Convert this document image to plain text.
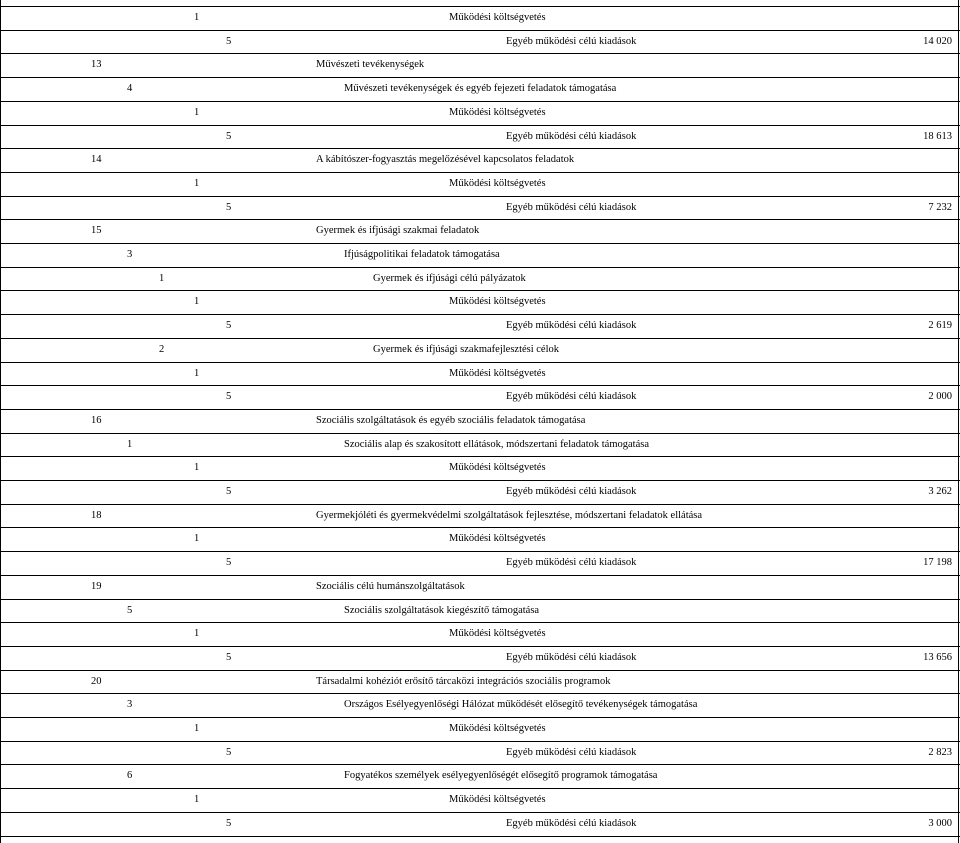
1	Működési költségvetés
5	Egyéb működési célú kiadások	14 020
13	Művészeti tevékenységek
4	Művészeti tevékenységek és egyéb fejezeti feladatok támogatása
1	Működési költségvetés
5	Egyéb működési célú kiadások	18 613
14	A kábítószer-fogyasztás megelőzésével kapcsolatos feladatok
1	Működési költségvetés
5	Egyéb működési célú kiadások	7 232
15	Gyermek és ifjúsági szakmai feladatok
3	Ifjúságpolitikai feladatok támogatása
1	Gyermek és ifjúsági célú pályázatok
1	Működési költségvetés
5	Egyéb működési célú kiadások	2 619
2	Gyermek és ifjúsági szakmafejlesztési célok
1	Működési költségvetés
5	Egyéb működési célú kiadások	2 000
16	Szociális szolgáltatások és egyéb szociális feladatok támogatása
1	Szociális alap és szakosított ellátások, módszertani feladatok támogatása
1	Működési költségvetés
5	Egyéb működési célú kiadások	3 262
18	Gyermekjóléti és gyermekvédelmi szolgáltatások fejlesztése, módszertani feladatok ellátása
1	Működési költségvetés
5	Egyéb működési célú kiadások	17 198
19	Szociális célú humánszolgáltatások
5	Szociális szolgáltatások kiegészítő támogatása
1	Működési költségvetés
5	Egyéb működési célú kiadások	13 656
20	Társadalmi kohéziót erősítő tárcaközi integrációs szociális programok
3	Országos Esélyegyenlőségi Hálózat működését elősegítő tevékenységek támogatása
1	Működési költségvetés
5	Egyéb működési célú kiadások	2 823
6	Fogyatékos személyek esélyegyenlőségét elősegítő programok támogatása
1	Működési költségvetés
5	Egyéb működési célú kiadások	3 000
